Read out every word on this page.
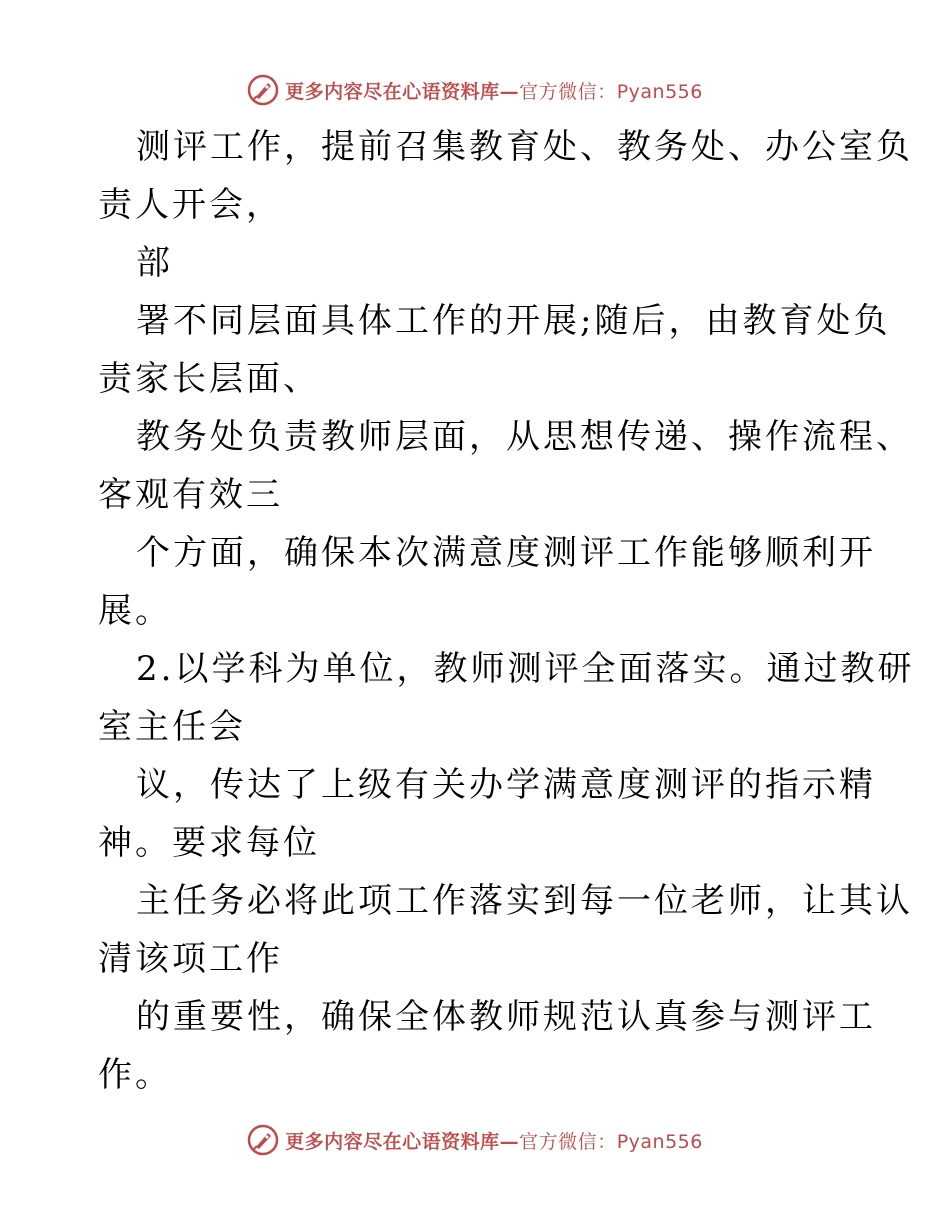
更多内容尽在心语资料库—官方微信：Pyan556
测评工作，提前召集教育处、教务处、办公室负
责人开会，
部
署不同层面具体工作的开展;随后，由教育处负
责家长层面、
教务处负责教师层面，从思想传递、操作流程、
客观有效三
个方面，确保本次满意度测评工作能够顺利开
展。
2.以学科为单位，教师测评全面落实。通过教研
室主任会
议，传达了上级有关办学满意度测评的指示精
神。要求每位
主任务必将此项工作落实到每一位老师，让其认
清该项工作
的重要性，确保全体教师规范认真参与测评工
作。
更多内容尽在心语资料库—官方微信：Pyan556
